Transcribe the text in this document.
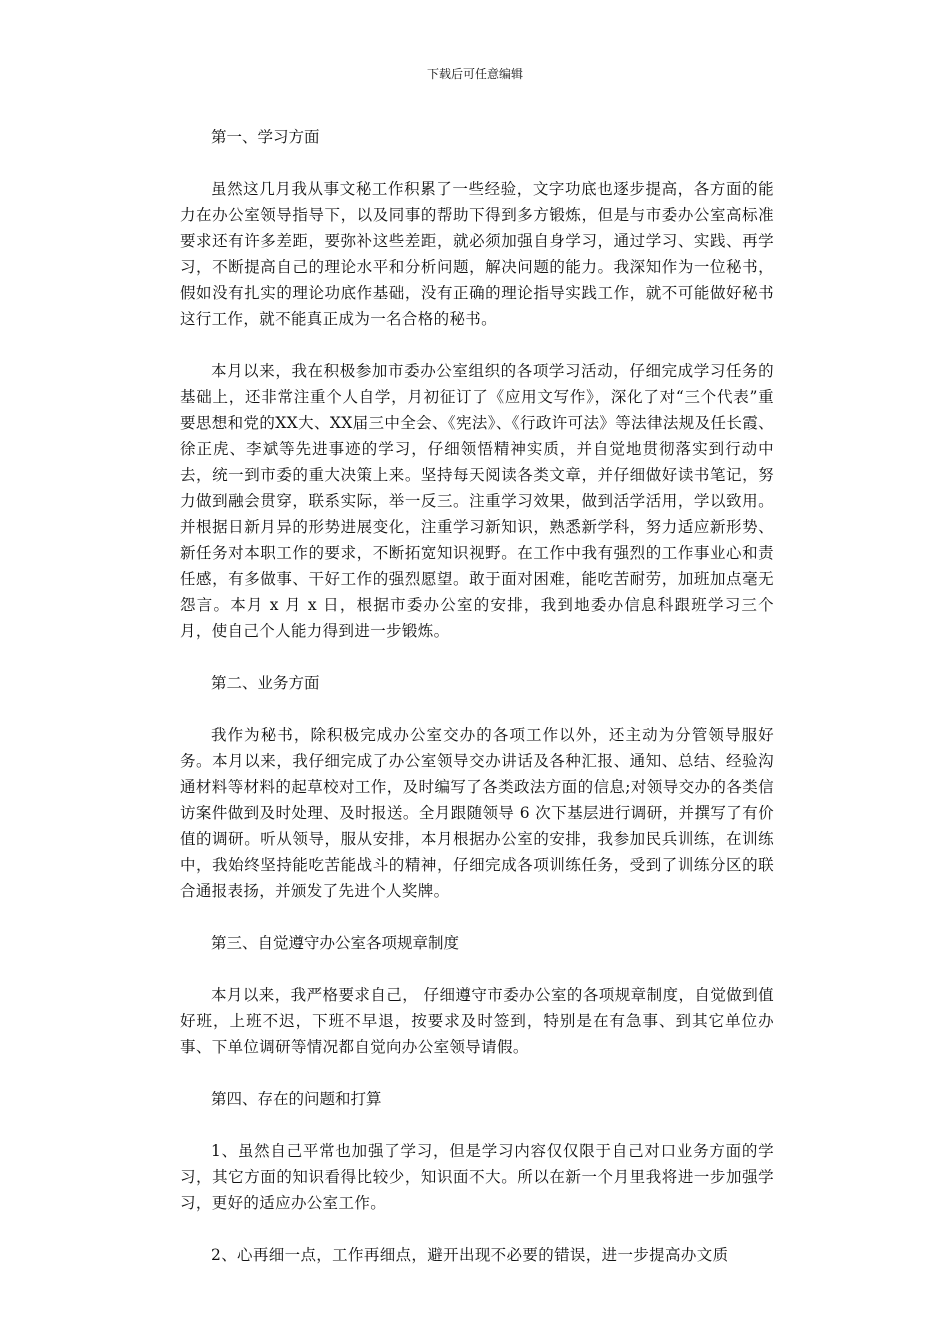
下载后可任意编辑
第一、学习方面

虽然这几月我从事文秘工作积累了一些经验，文字功底也逐步提高，各方面的能力在办公室领导指导下，以及同事的帮助下得到多方锻炼，但是与市委办公室高标准要求还有许多差距，要弥补这些差距，就必须加强自身学习，通过学习、实践、再学习，不断提高自己的理论水平和分析问题，解决问题的能力。我深知作为一位秘书，假如没有扎实的理论功底作基础，没有正确的理论指导实践工作，就不可能做好秘书这行工作，就不能真正成为一名合格的秘书。

本月以来，我在积极参加市委办公室组织的各项学习活动，仔细完成学习任务的基础上，还非常注重个人自学，月初征订了《应用文写作》，深化了对“三个代表”重要思想和党的XX大、XX届三中全会、《宪法》、《行政许可法》等法律法规及任长霞、徐正虎、李斌等先进事迹的学习，仔细领悟精神实质，并自觉地贯彻落实到行动中去，统一到市委的重大决策上来。坚持每天阅读各类文章，并仔细做好读书笔记，努力做到融会贯穿，联系实际，举一反三。注重学习效果，做到活学活用，学以致用。并根据日新月异的形势进展变化，注重学习新知识，熟悉新学科，努力适应新形势、新任务对本职工作的要求，不断拓宽知识视野。在工作中我有强烈的工作事业心和责任感，有多做事、干好工作的强烈愿望。敢于面对困难，能吃苦耐劳，加班加点毫无怨言。本月 x 月 x 日，根据市委办公室的安排，我到地委办信息科跟班学习三个月，使自己个人能力得到进一步锻炼。

第二、业务方面

我作为秘书，除积极完成办公室交办的各项工作以外，还主动为分管领导服好务。本月以来，我仔细完成了办公室领导交办讲话及各种汇报、通知、总结、经验沟通材料等材料的起草校对工作，及时编写了各类政法方面的信息;对领导交办的各类信访案件做到及时处理、及时报送。全月跟随领导 6 次下基层进行调研，并撰写了有价值的调研。听从领导，服从安排，本月根据办公室的安排，我参加民兵训练，在训练中，我始终坚持能吃苦能战斗的精神，仔细完成各项训练任务，受到了训练分区的联合通报表扬，并颁发了先进个人奖牌。

第三、自觉遵守办公室各项规章制度

本月以来，我严格要求自己， 仔细遵守市委办公室的各项规章制度，自觉做到值好班，上班不迟，下班不早退，按要求及时签到，特别是在有急事、到其它单位办事、下单位调研等情况都自觉向办公室领导请假。

第四、存在的问题和打算

1、虽然自己平常也加强了学习，但是学习内容仅仅限于自己对口业务方面的学习，其它方面的知识看得比较少，知识面不大。所以在新一个月里我将进一步加强学习，更好的适应办公室工作。

2、心再细一点，工作再细点，避开出现不必要的错误，进一步提高办文质
